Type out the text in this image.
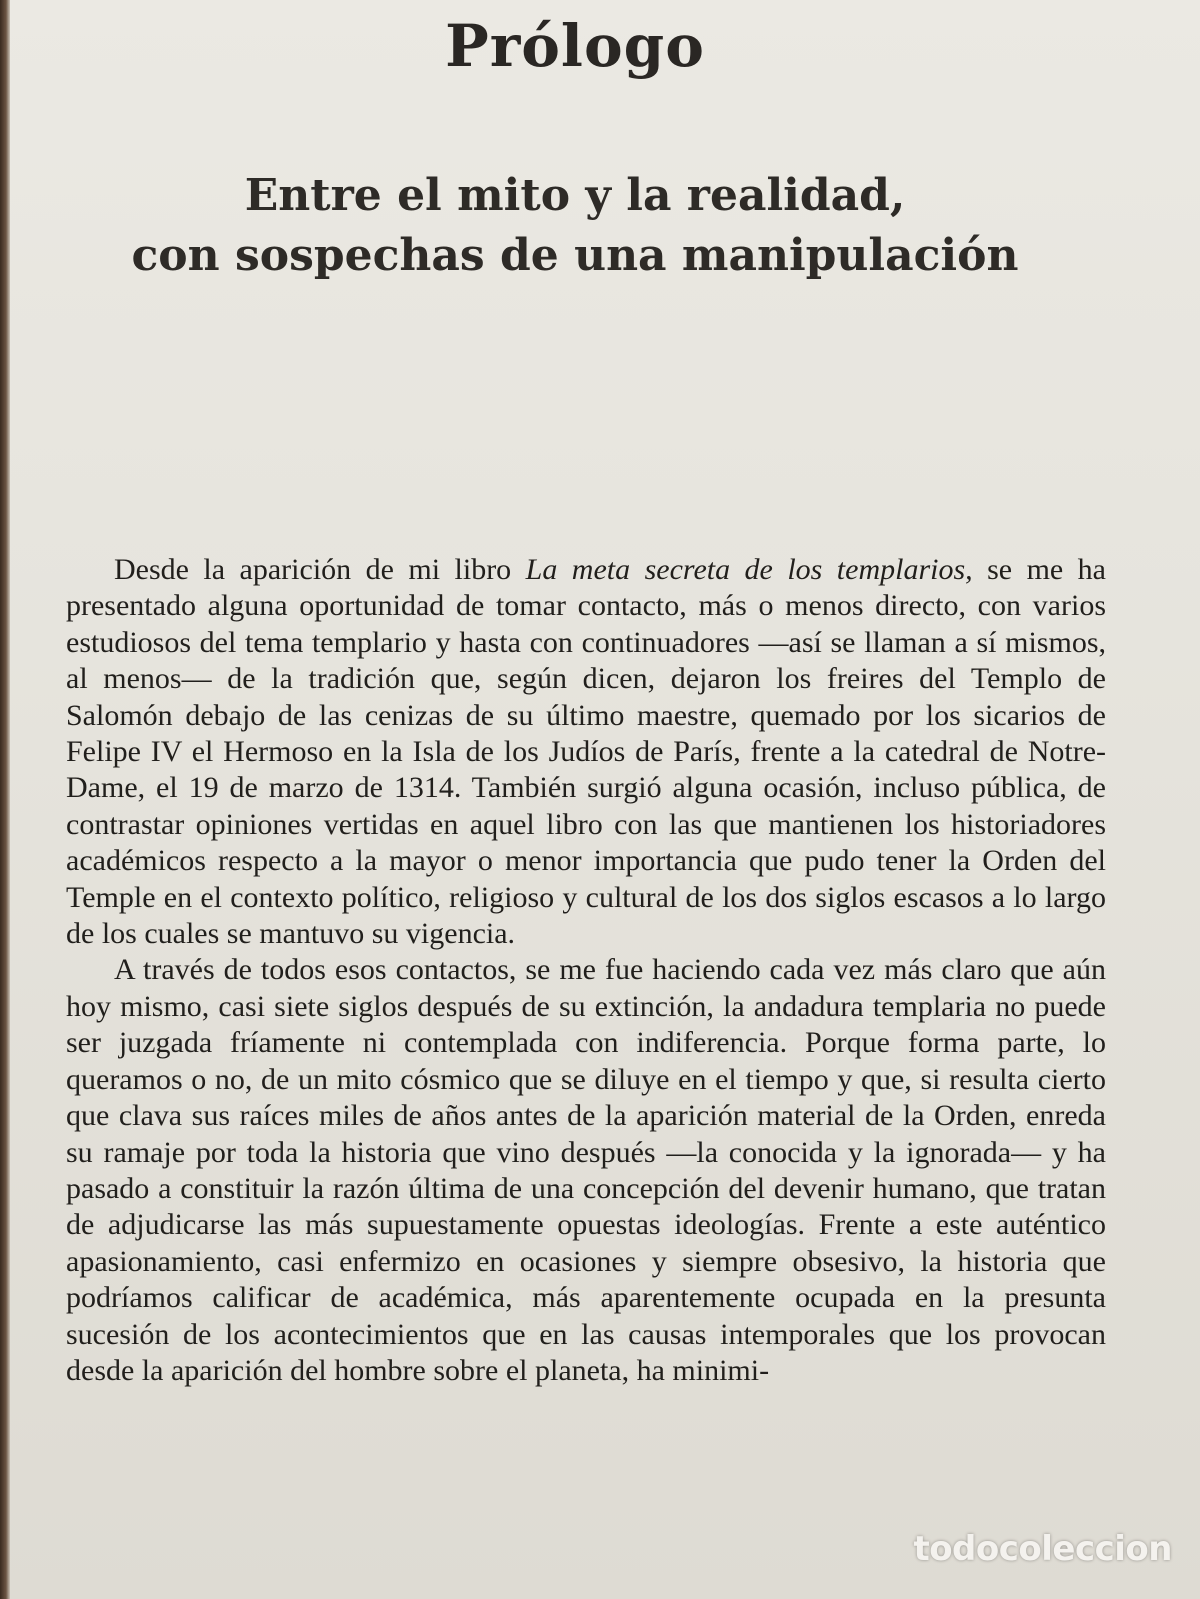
Prólogo
Entre el mito y la realidad,
con sospechas de una manipulación

Desde la aparición de mi libro La meta secreta de los templarios, se me ha presentado alguna oportunidad de tomar contacto, más o menos directo, con varios estudiosos del tema templario y hasta con continuadores —así se llaman a sí mismos, al menos— de la tradición que, según dicen, dejaron los freires del Templo de Salomón debajo de las cenizas de su último maestre, quemado por los sicarios de Felipe IV el Hermoso en la Isla de los Judíos de París, frente a la catedral de Notre-Dame, el 19 de marzo de 1314. También surgió alguna ocasión, incluso pública, de contrastar opiniones vertidas en aquel libro con las que mantienen los historiadores académicos respecto a la mayor o menor importancia que pudo tener la Orden del Temple en el contexto político, religioso y cultural de los dos siglos escasos a lo largo de los cuales se mantuvo su vigencia.

A través de todos esos contactos, se me fue haciendo cada vez más claro que aún hoy mismo, casi siete siglos después de su extinción, la andadura templaria no puede ser juzgada fríamente ni contemplada con indiferencia. Porque forma parte, lo queramos o no, de un mito cósmico que se diluye en el tiempo y que, si resulta cierto que clava sus raíces miles de años antes de la aparición material de la Orden, enreda su ramaje por toda la historia que vino después —la conocida y la ignorada— y ha pasado a constituir la razón última de una concepción del devenir humano, que tratan de adjudicarse las más supuestamente opuestas ideologías. Frente a este auténtico apasionamiento, casi enfermizo en ocasiones y siempre obsesivo, la historia que podríamos calificar de académica, más aparentemente ocupada en la presunta sucesión de los acontecimientos que en las causas intemporales que los provocan desde la aparición del hombre sobre el planeta, ha minimi-

todocoleccion
